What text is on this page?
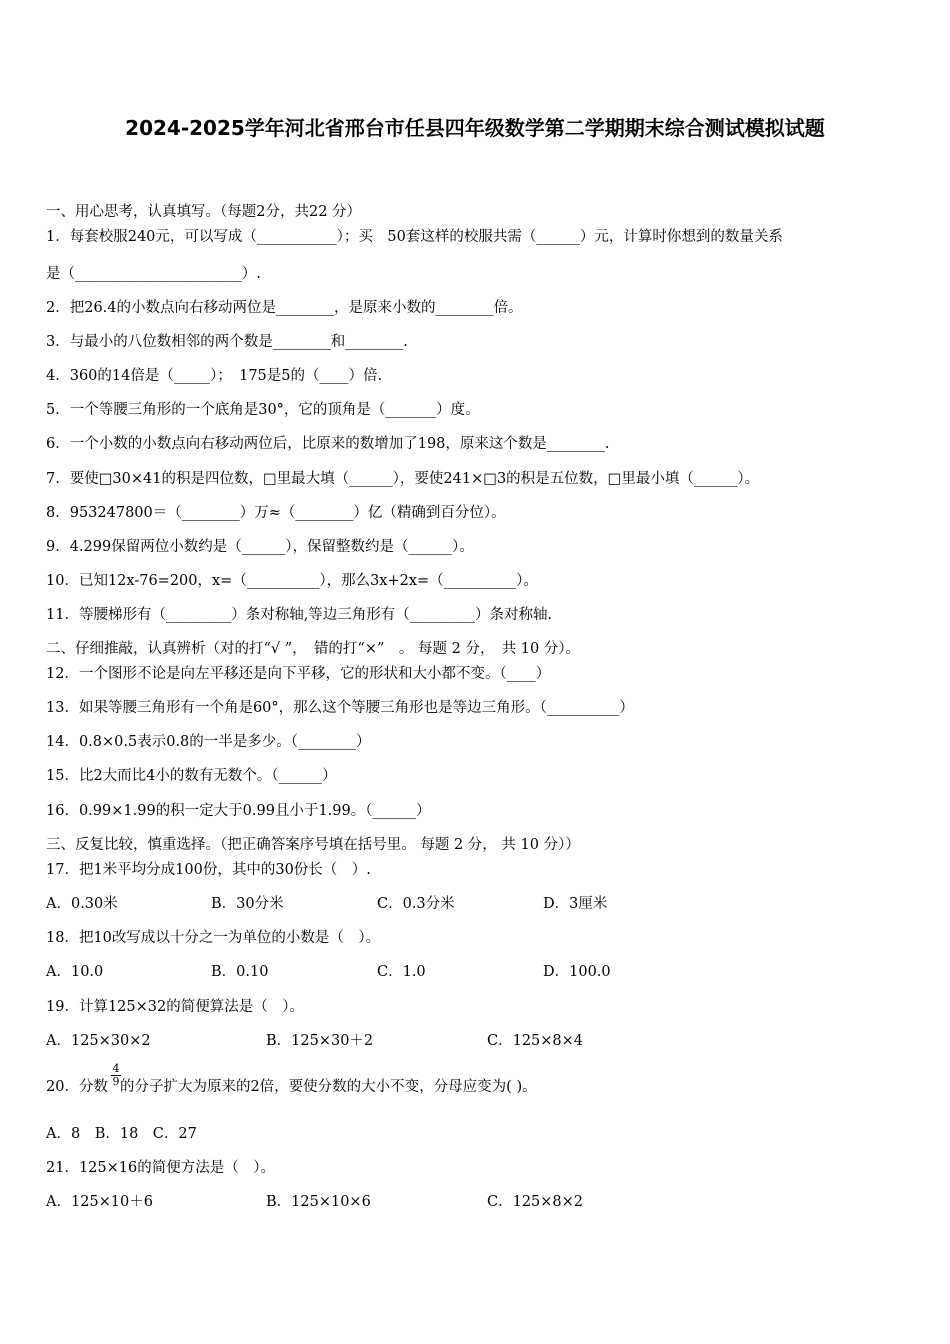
2024-2025学年河北省邢台市任县四年级数学第二学期期末综合测试模拟试题
一、用心思考，认真填写。（每题2分，共22 分）
1．每套校服240元，可以写成（___________）；买　50套这样的校服共需（______）元，计算时你想到的数量关系
是（_______________________）.
2．把26.4的小数点向右移动两位是________，是原来小数的________倍。
3．与最小的八位数相邻的两个数是________和________.
4．360的14倍是（_____）；　175是5的（____）倍.
5．一个等腰三角形的一个底角是30°，它的顶角是（_______）度。
6．一个小数的小数点向右移动两位后，比原来的数增加了198，原来这个数是________.
7．要使□30×41的积是四位数，□里最大填（______），要使241×□3的积是五位数，□里最小填（______）。
8．953247800＝（________）万≈（________）亿（精确到百分位）。
9．4.299保留两位小数约是（______），保留整数约是（______）。
10．已知12x-76=200，x=（__________），那么3x+2x=（__________）。
11．等腰梯形有（_________）条对称轴,等边三角形有（_________）条对称轴.
二、仔细推敲，认真辨析（对的打“√ ”，　错的打“×”　。 每题 2 分，　共 10 分）。
12．一个图形不论是向左平移还是向下平移，它的形状和大小都不变。（____）
13．如果等腰三角形有一个角是60°，那么这个等腰三角形也是等边三角形。（__________）
14．0.8×0.5表示0.8的一半是多少。（________）
15．比2大而比4小的数有无数个。（______）
16．0.99×1.99的积一定大于0.99且小于1.99。（______）
三、反复比较，慎重选择。（把正确答案序号填在括号里。 每题 2 分， 共 10 分））
17．把1米平均分成100份，其中的30份长（　）.
A．0.30米	B．30分米	C．0.3分米	D．3厘米
18．把10改写成以十分之一为单位的小数是（　）。
A．10.0	B．0.10	C．1.0	D．100.0
19．计算125×32的简便算法是（　）。
A．125×30×2	B．125×30＋2	C．125×8×4
20．分数 的分子扩大为原来的2倍，要使分数的大小不变，分母应变为( )。
$\frac{4}{9}$
A．8　B．18　C．27
21．125×16的简便方法是（　）。
A．125×10＋6	B．125×10×6	C．125×8×2
